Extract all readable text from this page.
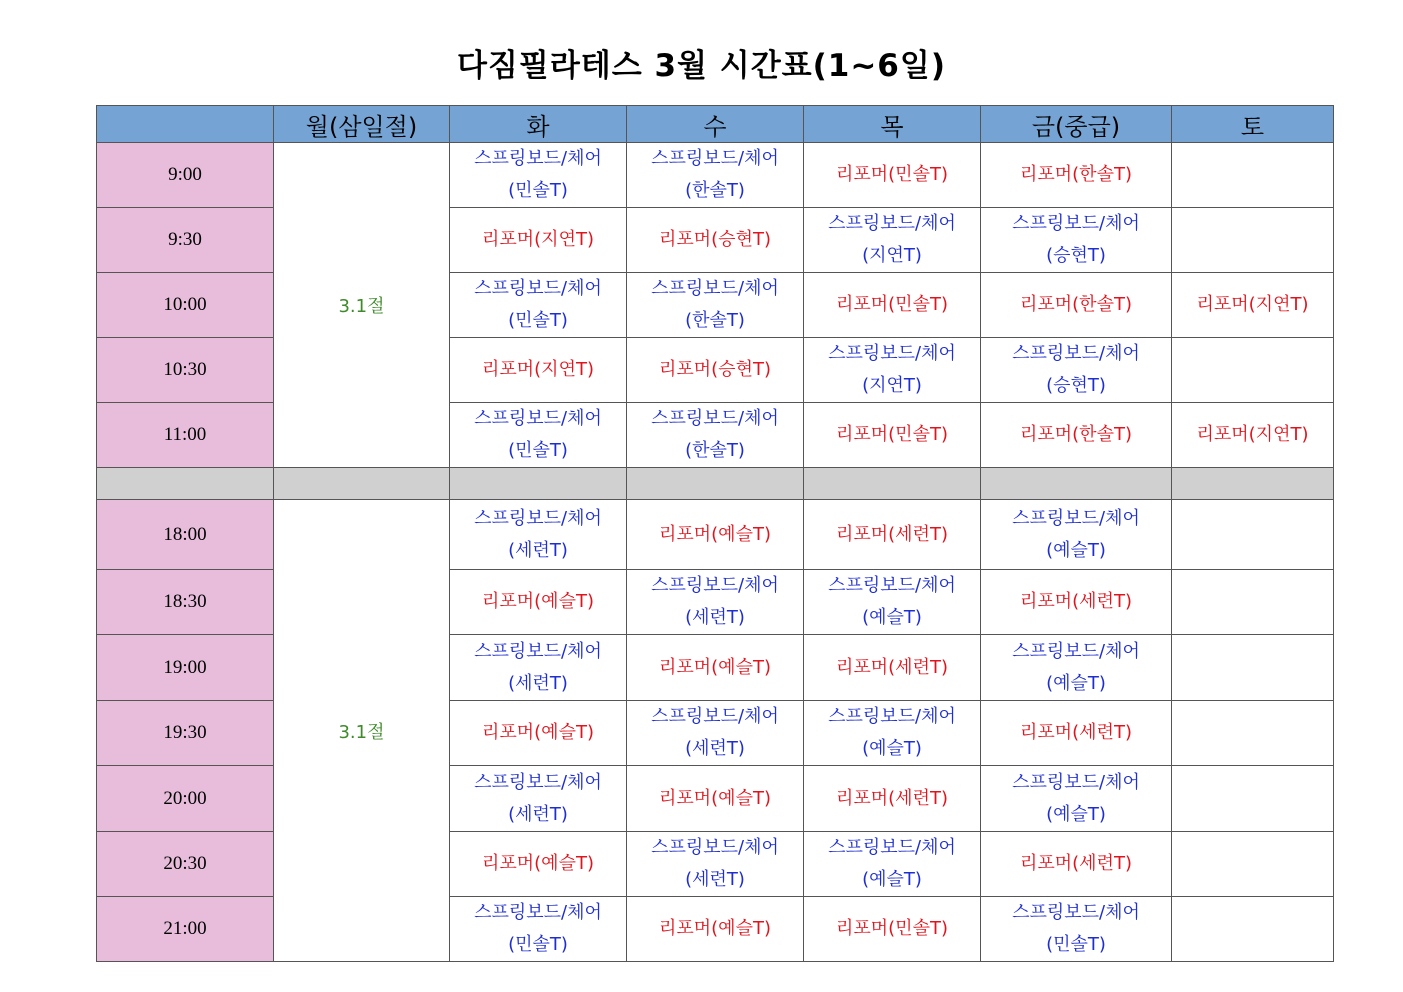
다짐필라테스 3월 시간표(1~6일)
	월(삼일절)	화	수	목	금(중급)	토
9:00	3.1절	스프링보드/체어
(민솔T)	스프링보드/체어
(한솔T)	리포머(민솔T)	리포머(한솔T)	

9:30		리포머(지연T)	리포머(승현T)	스프링보드/체어
(지연T)	스프링보드/체어
(승현T)	

10:00		스프링보드/체어
(민솔T)	스프링보드/체어
(한솔T)	리포머(민솔T)	리포머(한솔T)	리포머(지연T)

10:30		리포머(지연T)	리포머(승현T)	스프링보드/체어
(지연T)	스프링보드/체어
(승현T)	

11:00		스프링보드/체어
(민솔T)	스프링보드/체어
(한솔T)	리포머(민솔T)	리포머(한솔T)	리포머(지연T)

18:00	3.1절	스프링보드/체어
(세련T)	리포머(예슬T)	리포머(세련T)	스프링보드/체어
(예슬T)	

18:30		리포머(예슬T)	스프링보드/체어
(세련T)	스프링보드/체어
(예슬T)	리포머(세련T)	

19:00		스프링보드/체어
(세련T)	리포머(예슬T)	리포머(세련T)	스프링보드/체어
(예슬T)	

19:30		리포머(예슬T)	스프링보드/체어
(세련T)	스프링보드/체어
(예슬T)	리포머(세련T)	

20:00		스프링보드/체어
(세련T)	리포머(예슬T)	리포머(세련T)	스프링보드/체어
(예슬T)	

20:30		리포머(예슬T)	스프링보드/체어
(세련T)	스프링보드/체어
(예슬T)	리포머(세련T)	

21:00		스프링보드/체어
(민솔T)	리포머(예슬T)	리포머(민솔T)	스프링보드/체어
(민솔T)	
